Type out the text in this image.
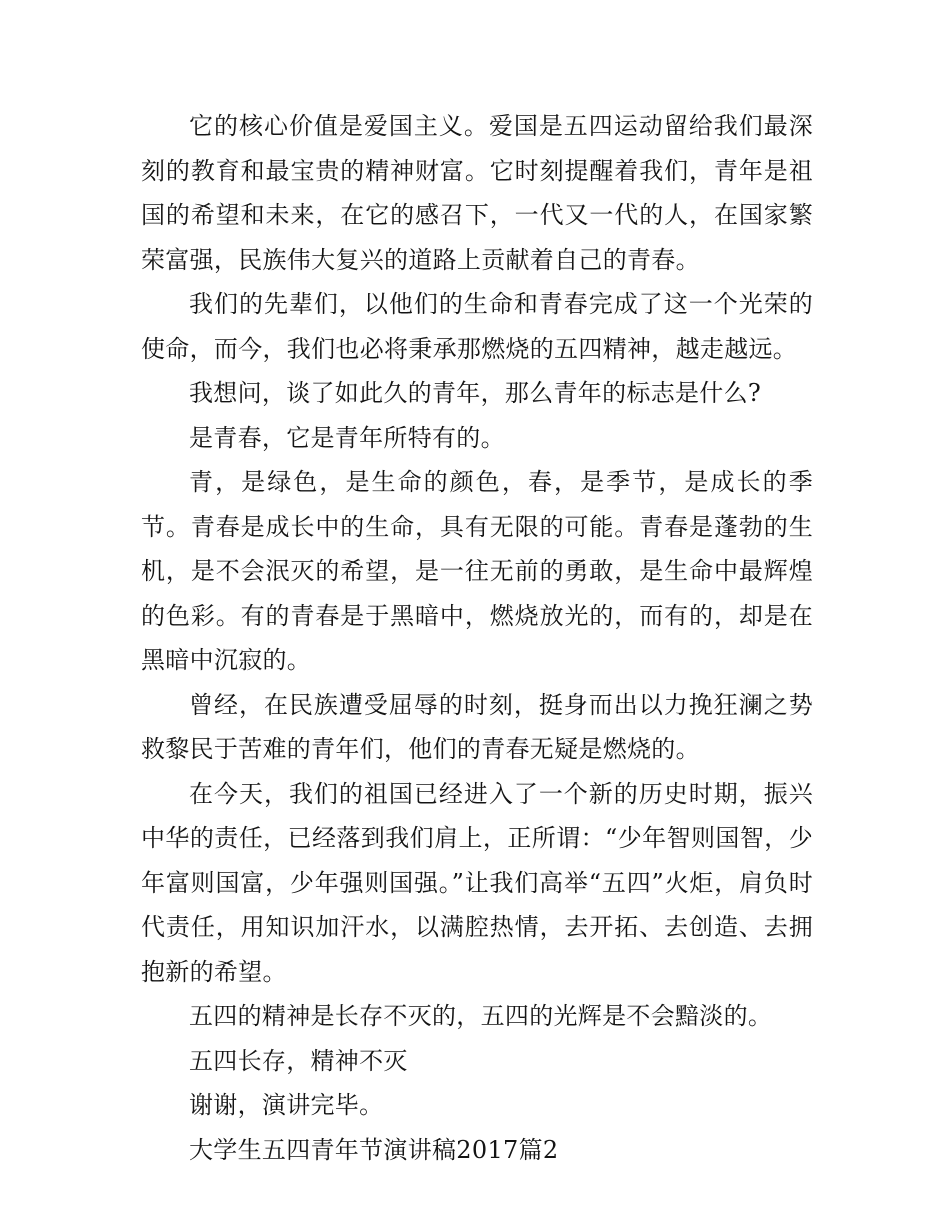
它的核心价值是爱国主义。爱国是五四运动留给我们最深刻的教育和最宝贵的精神财富。它时刻提醒着我们，青年是祖国的希望和未来，在它的感召下，一代又一代的人，在国家繁荣富强，民族伟大复兴的道路上贡献着自己的青春。

我们的先辈们，以他们的生命和青春完成了这一个光荣的使命，而今，我们也必将秉承那燃烧的五四精神，越走越远。

我想问，谈了如此久的青年，那么青年的标志是什么?

是青春，它是青年所特有的。

青，是绿色，是生命的颜色，春，是季节，是成长的季节。青春是成长中的生命，具有无限的可能。青春是蓬勃的生机，是不会泯灭的希望，是一往无前的勇敢，是生命中最辉煌的色彩。有的青春是于黑暗中，燃烧放光的，而有的，却是在黑暗中沉寂的。

曾经，在民族遭受屈辱的时刻，挺身而出以力挽狂澜之势救黎民于苦难的青年们，他们的青春无疑是燃烧的。

在今天，我们的祖国已经进入了一个新的历史时期，振兴中华的责任，已经落到我们肩上，正所谓：“少年智则国智，少年富则国富，少年强则国强。”让我们高举“五四”火炬，肩负时代责任，用知识加汗水，以满腔热情，去开拓、去创造、去拥抱新的希望。

五四的精神是长存不灭的，五四的光辉是不会黯淡的。

五四长存，精神不灭

谢谢，演讲完毕。

大学生五四青年节演讲稿2017篇2
